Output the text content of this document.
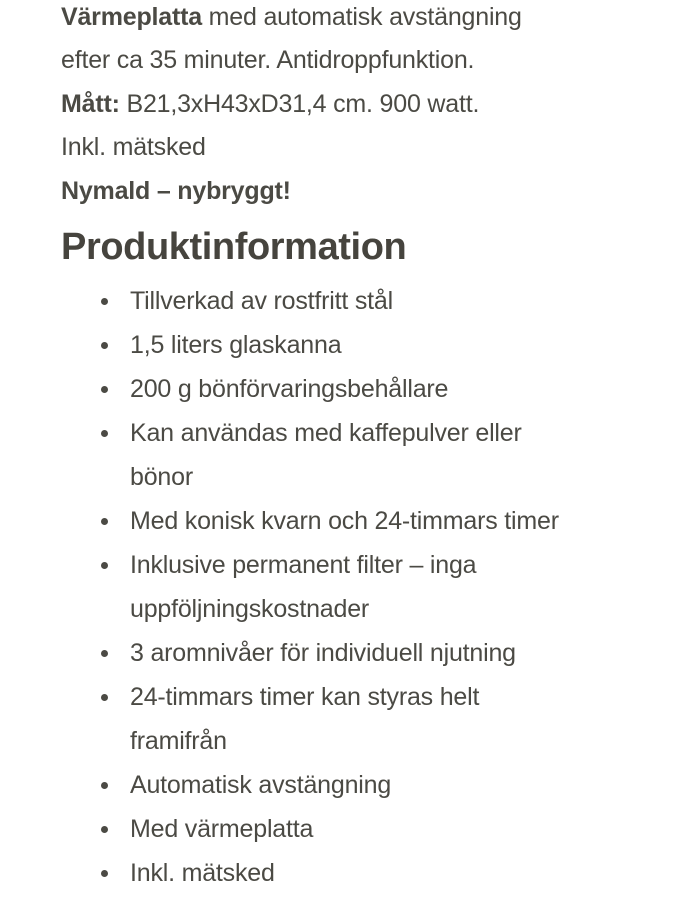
Värmeplatta med automatisk avstängning
efter ca 35 minuter. Antidroppfunktion.
Mått: B21,3xH43xD31,4 cm. 900 watt.
Inkl. mätsked
Nymald – nybryggt!
Produktinformation
Tillverkad av rostfritt stål
1,5 liters glaskanna
200 g bönförvaringsbehållare
Kan användas med kaffepulver eller
bönor
Med konisk kvarn och 24-timmars timer
Inklusive permanent filter – inga
uppföljningskostnader
3 aromnivåer för individuell njutning
24-timmars timer kan styras helt
framifrån
Automatisk avstängning
Med värmeplatta
Inkl. mätsked
